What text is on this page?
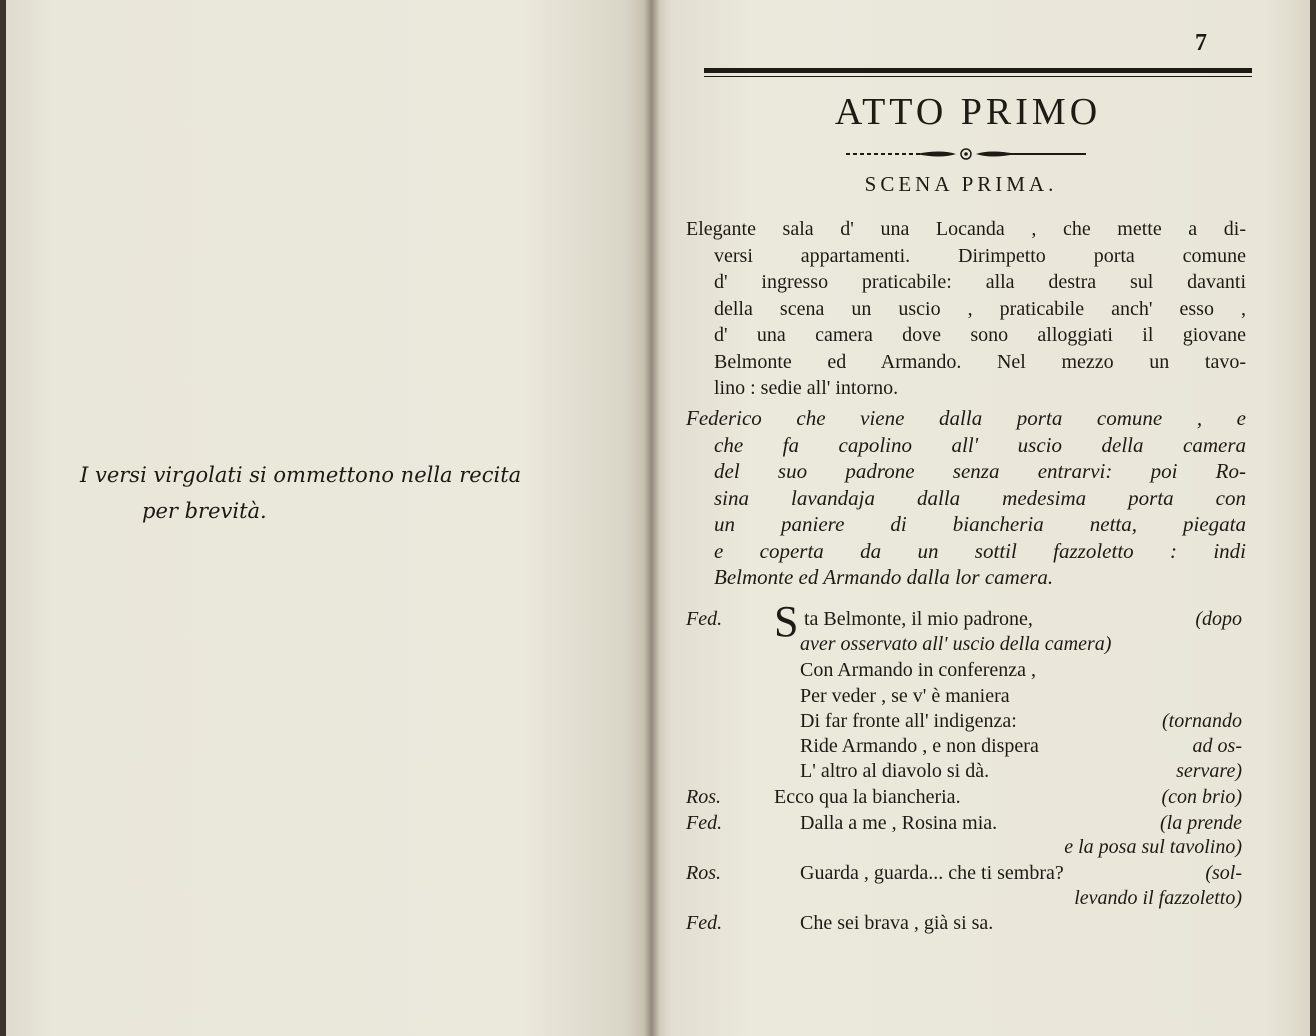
I versi virgolati si ommettono nella recita
per brevità.
7
ATTO PRIMO
SCENA PRIMA.
Elegante sala d' una Locanda , che mette a di-
versi appartamenti. Dirimpetto porta comune
d' ingresso praticabile: alla destra sul davanti
della scena un uscio , praticabile anch' esso ,
d' una camera dove sono alloggiati il giovane
Belmonte ed Armando. Nel mezzo un tavo-
lino : sedie all' intorno.
Federico che viene dalla porta comune , e
che fa capolino all' uscio della camera
del suo padrone senza entrarvi: poi Ro-
sina lavandaja dalla medesima porta con
un paniere di biancheria netta, piegata
e coperta da un sottil fazzoletto : indi
Belmonte ed Armando dalla lor camera.
Fed. S ta Belmonte, il mio padrone,	(dopo
aver osservato all' uscio della camera)
Con Armando in conferenza ,
Per veder , se v' è maniera
Di far fronte all' indigenza:	(tornando
Ride Armando , e non dispera	ad os-
L' altro al diavolo si dà.	servare)
Ros.	Ecco qua la biancheria.	(con brio)
Fed.	Dalla a me , Rosina mia.	(la prende
e la posa sul tavolino)
Ros.	Guarda , guarda... che ti sembra?	(sol-
levando il fazzoletto)
Fed.	Che sei brava , già si sa.
